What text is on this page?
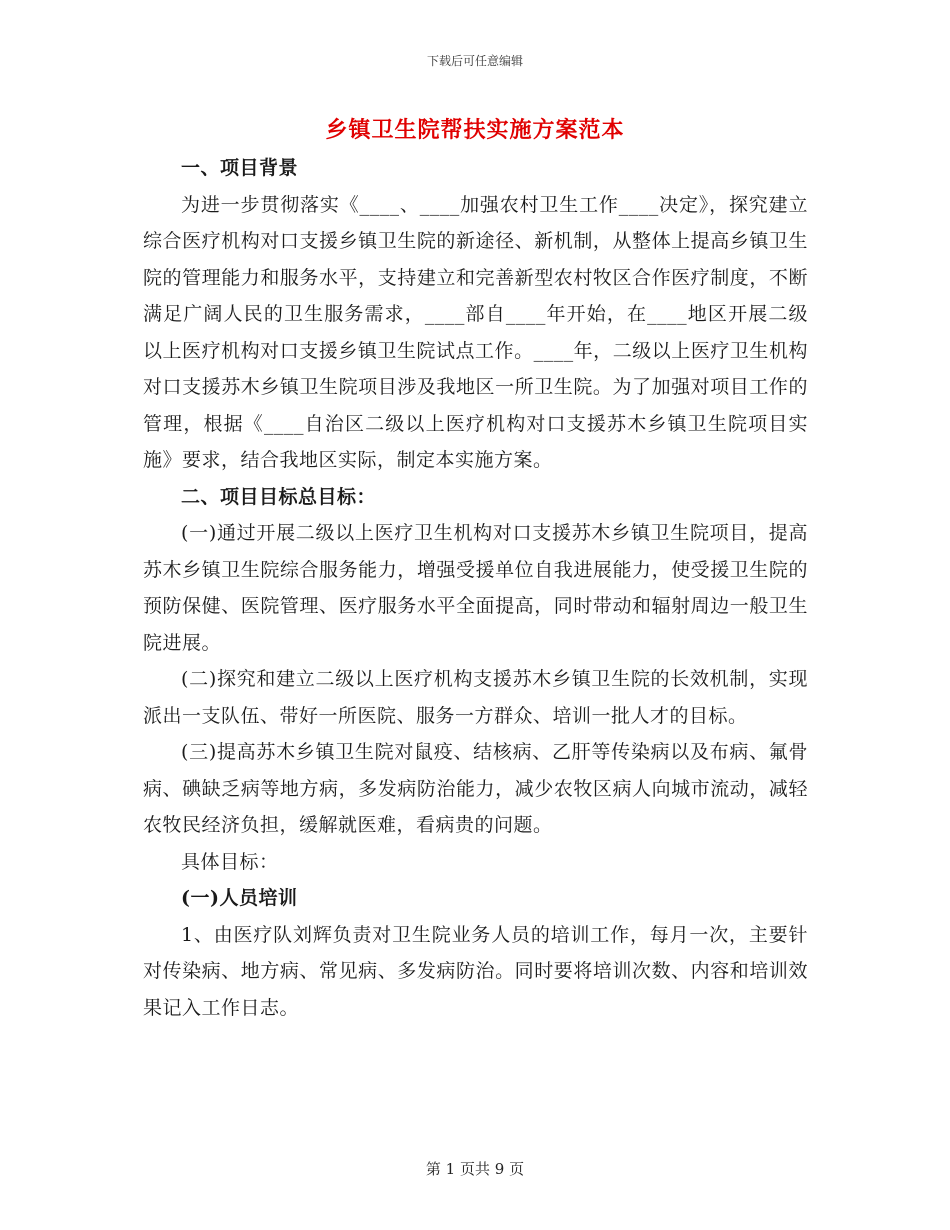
下载后可任意编辑
乡镇卫生院帮扶实施方案范本

一、项目背景

为进一步贯彻落实《____、____加强农村卫生工作____决定》，探究建立综合医疗机构对口支援乡镇卫生院的新途径、新机制，从整体上提高乡镇卫生院的管理能力和服务水平，支持建立和完善新型农村牧区合作医疗制度，不断满足广阔人民的卫生服务需求，____部自____年开始，在____地区开展二级以上医疗机构对口支援乡镇卫生院试点工作。____年，二级以上医疗卫生机构对口支援苏木乡镇卫生院项目涉及我地区一所卫生院。为了加强对项目工作的管理，根据《____自治区二级以上医疗机构对口支援苏木乡镇卫生院项目实施》要求，结合我地区实际，制定本实施方案。

二、项目目标总目标：

(一)通过开展二级以上医疗卫生机构对口支援苏木乡镇卫生院项目，提高苏木乡镇卫生院综合服务能力，增强受援单位自我进展能力，使受援卫生院的预防保健、医院管理、医疗服务水平全面提高，同时带动和辐射周边一般卫生院进展。

(二)探究和建立二级以上医疗机构支援苏木乡镇卫生院的长效机制，实现派出一支队伍、带好一所医院、服务一方群众、培训一批人才的目标。

(三)提高苏木乡镇卫生院对鼠疫、结核病、乙肝等传染病以及布病、氟骨病、碘缺乏病等地方病，多发病防治能力，减少农牧区病人向城市流动，减轻农牧民经济负担，缓解就医难，看病贵的问题。

具体目标：

(一)人员培训

1、由医疗队刘辉负责对卫生院业务人员的培训工作，每月一次，主要针对传染病、地方病、常见病、多发病防治。同时要将培训次数、内容和培训效果记入工作日志。

第 1 页共 9 页
